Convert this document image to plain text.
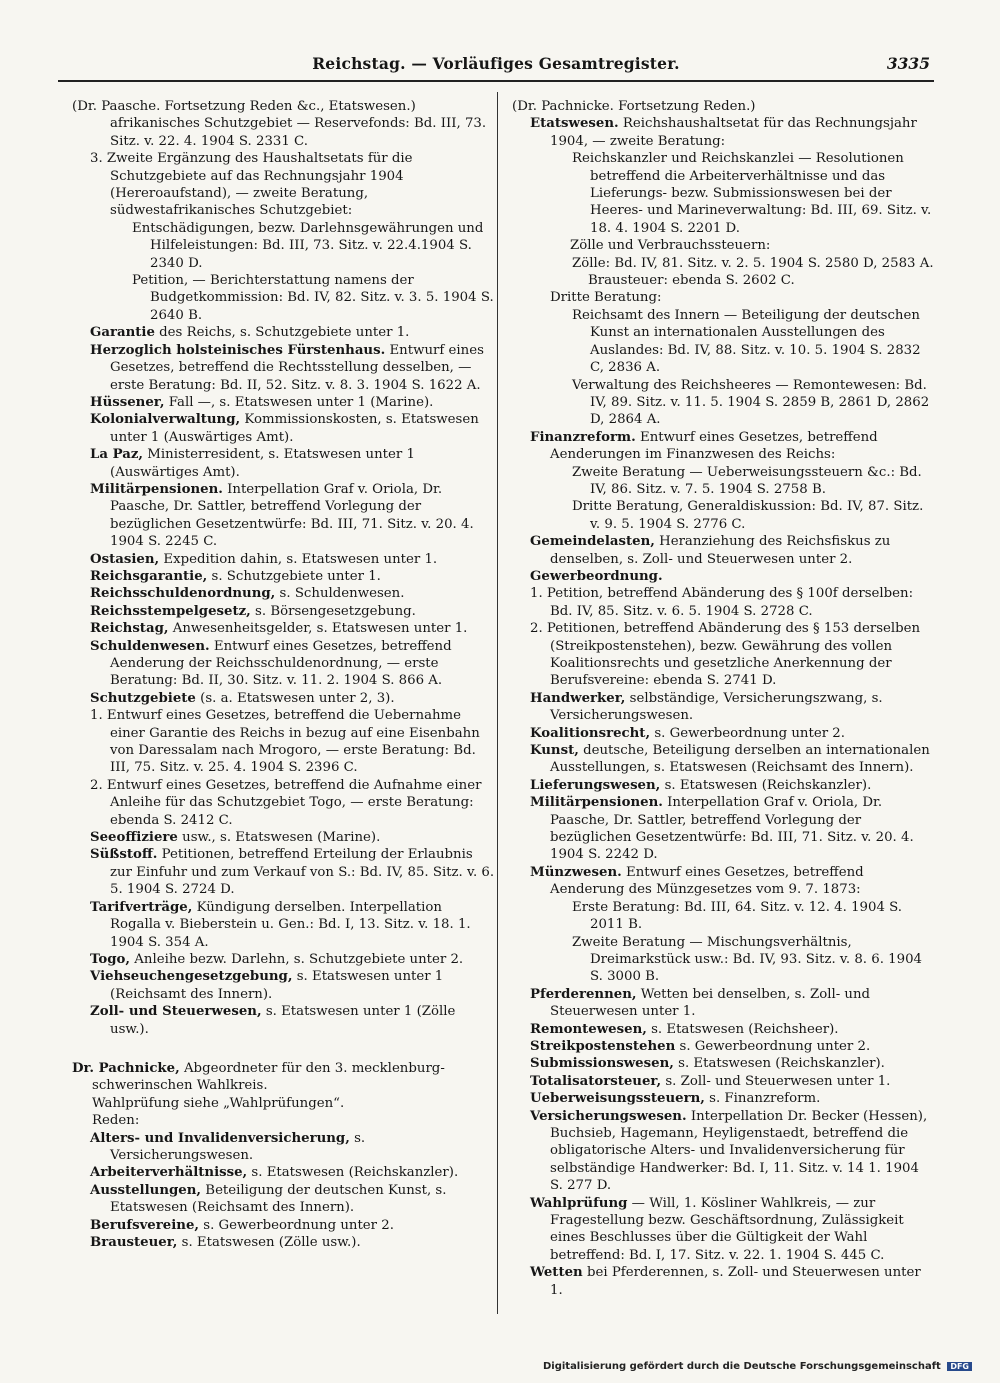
Reichstag. — Vorläufiges Gesamtregister.	3335
(Dr. Paasche. Fortsetzung Reden &c., Etatswesen.)
afrikanisches Schutzgebiet — Reservefonds: Bd. III, 73. Sitz. v. 22. 4. 1904 S. 2331 C.
3. Zweite Ergänzung des Haushaltsetats für die Schutzgebiete auf das Rechnungsjahr 1904 (Hereroaufstand), — zweite Beratung, südwestafrikanisches Schutzgebiet:
Entschädigungen, bezw. Darlehnsgewährungen und Hilfeleistungen: Bd. III, 73. Sitz. v. 22.4.1904 S. 2340 D.
Petition, — Berichterstattung namens der Budgetkommission: Bd. IV, 82. Sitz. v. 3. 5. 1904 S. 2640 B.
Garantie des Reichs, s. Schutzgebiete unter 1.
Herzoglich holsteinisches Fürstenhaus. Entwurf eines Gesetzes, betreffend die Rechtsstellung desselben, — erste Beratung: Bd. II, 52. Sitz. v. 8. 3. 1904 S. 1622 A.
Hüssener, Fall —, s. Etatswesen unter 1 (Marine).
Kolonialverwaltung, Kommissionskosten, s. Etatswesen unter 1 (Auswärtiges Amt).
La Paz, Ministerresident, s. Etatswesen unter 1 (Auswärtiges Amt).
Militärpensionen. Interpellation Graf v. Oriola, Dr. Paasche, Dr. Sattler, betreffend Vorlegung der bezüglichen Gesetzentwürfe: Bd. III, 71. Sitz. v. 20. 4. 1904 S. 2245 C.
Ostasien, Expedition dahin, s. Etatswesen unter 1.
Reichsgarantie, s. Schutzgebiete unter 1.
Reichsschuldenordnung, s. Schuldenwesen.
Reichsstempelgesetz, s. Börsengesetzgebung.
Reichstag, Anwesenheitsgelder, s. Etatswesen unter 1.
Schuldenwesen. Entwurf eines Gesetzes, betreffend Aenderung der Reichsschuldenordnung, — erste Beratung: Bd. II, 30. Sitz. v. 11. 2. 1904 S. 866 A.
Schutzgebiete (s. a. Etatswesen unter 2, 3).
1. Entwurf eines Gesetzes, betreffend die Uebernahme einer Garantie des Reichs in bezug auf eine Eisenbahn von Daressalam nach Mrogoro, — erste Beratung: Bd. III, 75. Sitz. v. 25. 4. 1904 S. 2396 C.
2. Entwurf eines Gesetzes, betreffend die Aufnahme einer Anleihe für das Schutzgebiet Togo, — erste Beratung: ebenda S. 2412 C.
Seeoffiziere usw., s. Etatswesen (Marine).
Süßstoff. Petitionen, betreffend Erteilung der Erlaubnis zur Einfuhr und zum Verkauf von S.: Bd. IV, 85. Sitz. v. 6. 5. 1904 S. 2724 D.
Tarifverträge, Kündigung derselben. Interpellation Rogalla v. Bieberstein u. Gen.: Bd. I, 13. Sitz. v. 18. 1. 1904 S. 354 A.
Togo, Anleihe bezw. Darlehn, s. Schutzgebiete unter 2.
Viehseuchengesetzgebung, s. Etatswesen unter 1 (Reichsamt des Innern).
Zoll- und Steuerwesen, s. Etatswesen unter 1 (Zölle usw.).
Dr. Pachnicke, Abgeordneter für den 3. mecklenburg-schwerinschen Wahlkreis.
Wahlprüfung siehe „Wahlprüfungen“.
Reden:
Alters- und Invalidenversicherung, s. Versicherungswesen.
Arbeiterverhältnisse, s. Etatswesen (Reichskanzler).
Ausstellungen, Beteiligung der deutschen Kunst, s. Etatswesen (Reichsamt des Innern).
Berufsvereine, s. Gewerbeordnung unter 2.
Brausteuer, s. Etatswesen (Zölle usw.).
(Dr. Pachnicke. Fortsetzung Reden.)
Etatswesen. Reichshaushaltsetat für das Rechnungsjahr 1904, — zweite Beratung:
Reichskanzler und Reichskanzlei — Resolutionen betreffend die Arbeiterverhältnisse und das Lieferungs- bezw. Submissionswesen bei der Heeres- und Marineverwaltung: Bd. III, 69. Sitz. v. 18. 4. 1904 S. 2201 D.
Zölle und Verbrauchssteuern:
Zölle: Bd. IV, 81. Sitz. v. 2. 5. 1904 S. 2580 D, 2583 A.
Brausteuer: ebenda S. 2602 C.
Dritte Beratung:
Reichsamt des Innern — Beteiligung der deutschen Kunst an internationalen Ausstellungen des Auslandes: Bd. IV, 88. Sitz. v. 10. 5. 1904 S. 2832 C, 2836 A.
Verwaltung des Reichsheeres — Remontewesen: Bd. IV, 89. Sitz. v. 11. 5. 1904 S. 2859 B, 2861 D, 2862 D, 2864 A.
Finanzreform. Entwurf eines Gesetzes, betreffend Aenderungen im Finanzwesen des Reichs:
Zweite Beratung — Ueberweisungssteuern &c.: Bd. IV, 86. Sitz. v. 7. 5. 1904 S. 2758 B.
Dritte Beratung, Generaldiskussion: Bd. IV, 87. Sitz. v. 9. 5. 1904 S. 2776 C.
Gemeindelasten, Heranziehung des Reichsfiskus zu denselben, s. Zoll- und Steuerwesen unter 2.
Gewerbeordnung.
1. Petition, betreffend Abänderung des § 100f derselben: Bd. IV, 85. Sitz. v. 6. 5. 1904 S. 2728 C.
2. Petitionen, betreffend Abänderung des § 153 derselben (Streikpostenstehen), bezw. Gewährung des vollen Koalitionsrechts und gesetzliche Anerkennung der Berufsvereine: ebenda S. 2741 D.
Handwerker, selbständige, Versicherungszwang, s. Versicherungswesen.
Koalitionsrecht, s. Gewerbeordnung unter 2.
Kunst, deutsche, Beteiligung derselben an internationalen Ausstellungen, s. Etatswesen (Reichsamt des Innern).
Lieferungswesen, s. Etatswesen (Reichskanzler).
Militärpensionen. Interpellation Graf v. Oriola, Dr. Paasche, Dr. Sattler, betreffend Vorlegung der bezüglichen Gesetzentwürfe: Bd. III, 71. Sitz. v. 20. 4. 1904 S. 2242 D.
Münzwesen. Entwurf eines Gesetzes, betreffend Aenderung des Münzgesetzes vom 9. 7. 1873:
Erste Beratung: Bd. III, 64. Sitz. v. 12. 4. 1904 S. 2011 B.
Zweite Beratung — Mischungsverhältnis, Dreimarkstück usw.: Bd. IV, 93. Sitz. v. 8. 6. 1904 S. 3000 B.
Pferderennen, Wetten bei denselben, s. Zoll- und Steuerwesen unter 1.
Remontewesen, s. Etatswesen (Reichsheer).
Streikpostenstehen s. Gewerbeordnung unter 2.
Submissionswesen, s. Etatswesen (Reichskanzler).
Totalisatorsteuer, s. Zoll- und Steuerwesen unter 1.
Ueberweisungssteuern, s. Finanzreform.
Versicherungswesen. Interpellation Dr. Becker (Hessen), Buchsieb, Hagemann, Heyligenstaedt, betreffend die obligatorische Alters- und Invalidenversicherung für selbständige Handwerker: Bd. I, 11. Sitz. v. 14 1. 1904 S. 277 D.
Wahlprüfung — Will, 1. Kösliner Wahlkreis, — zur Fragestellung bezw. Geschäftsordnung, Zulässigkeit eines Beschlusses über die Gültigkeit der Wahl betreffend: Bd. I, 17. Sitz. v. 22. 1. 1904 S. 445 C.
Wetten bei Pferderennen, s. Zoll- und Steuerwesen unter 1.
Digitalisierung gefördert durch die Deutsche Forschungsgemeinschaft DFG
